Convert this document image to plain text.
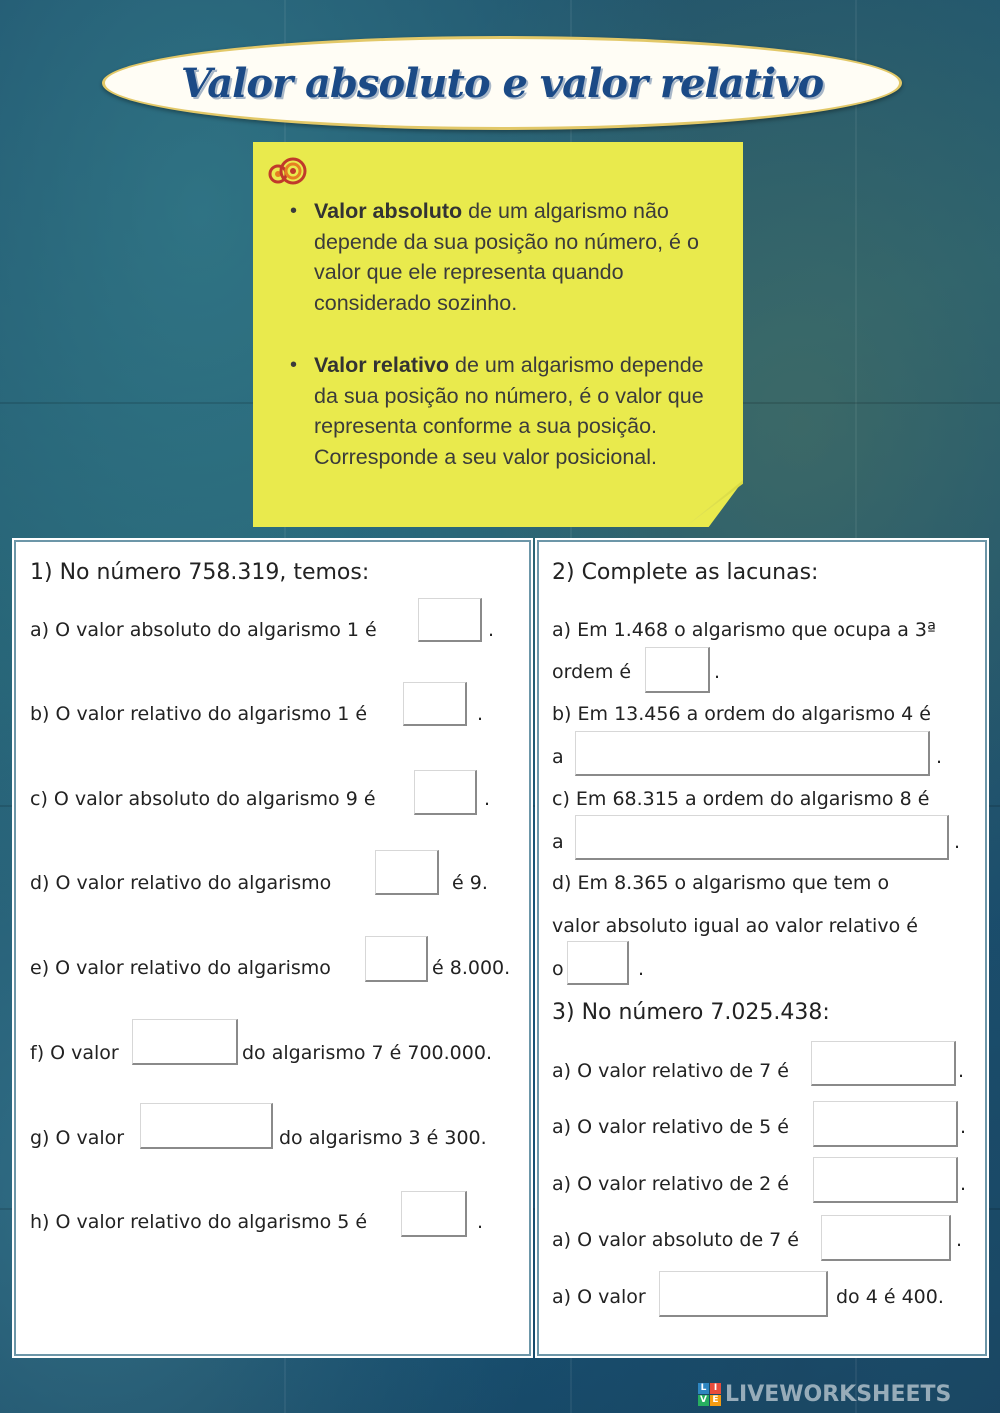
Valor absoluto e valor relativo
• Valor absoluto de um algarismo não depende da sua posição no número, é o valor que ele representa quando considerado sozinho.
• Valor relativo de um algarismo depende da sua posição no número, é o valor que representa conforme a sua posição. Corresponde a seu valor posicional.
1) No número 758.319, temos:
a) O valor absoluto do algarismo 1 é	.
b) O valor relativo do algarismo 1 é	.
c) O valor absoluto do algarismo 9 é	.
d) O valor relativo do algarismo	é 9.
e) O valor relativo do algarismo	é 8.000.
f) O valor	do algarismo 7 é 700.000.
g) O valor	do algarismo 3 é 300.
h) O valor relativo do algarismo 5 é	.
2) Complete as lacunas:
a) Em 1.468 o algarismo que ocupa a 3ª
ordem é	.
b) Em 13.456 a ordem do algarismo 4 é
a	.
c) Em 68.315 a ordem do algarismo 8 é
a	.
d) Em 8.365 o algarismo que tem o
valor absoluto igual ao valor relativo é
o	.
3) No número 7.025.438:
a) O valor relativo de 7 é	.
a) O valor relativo de 5 é	.
a) O valor relativo de 2 é	.
a) O valor absoluto de 7 é	.
a) O valor	do 4 é 400.
L I
V E LIVEWORKSHEETS
